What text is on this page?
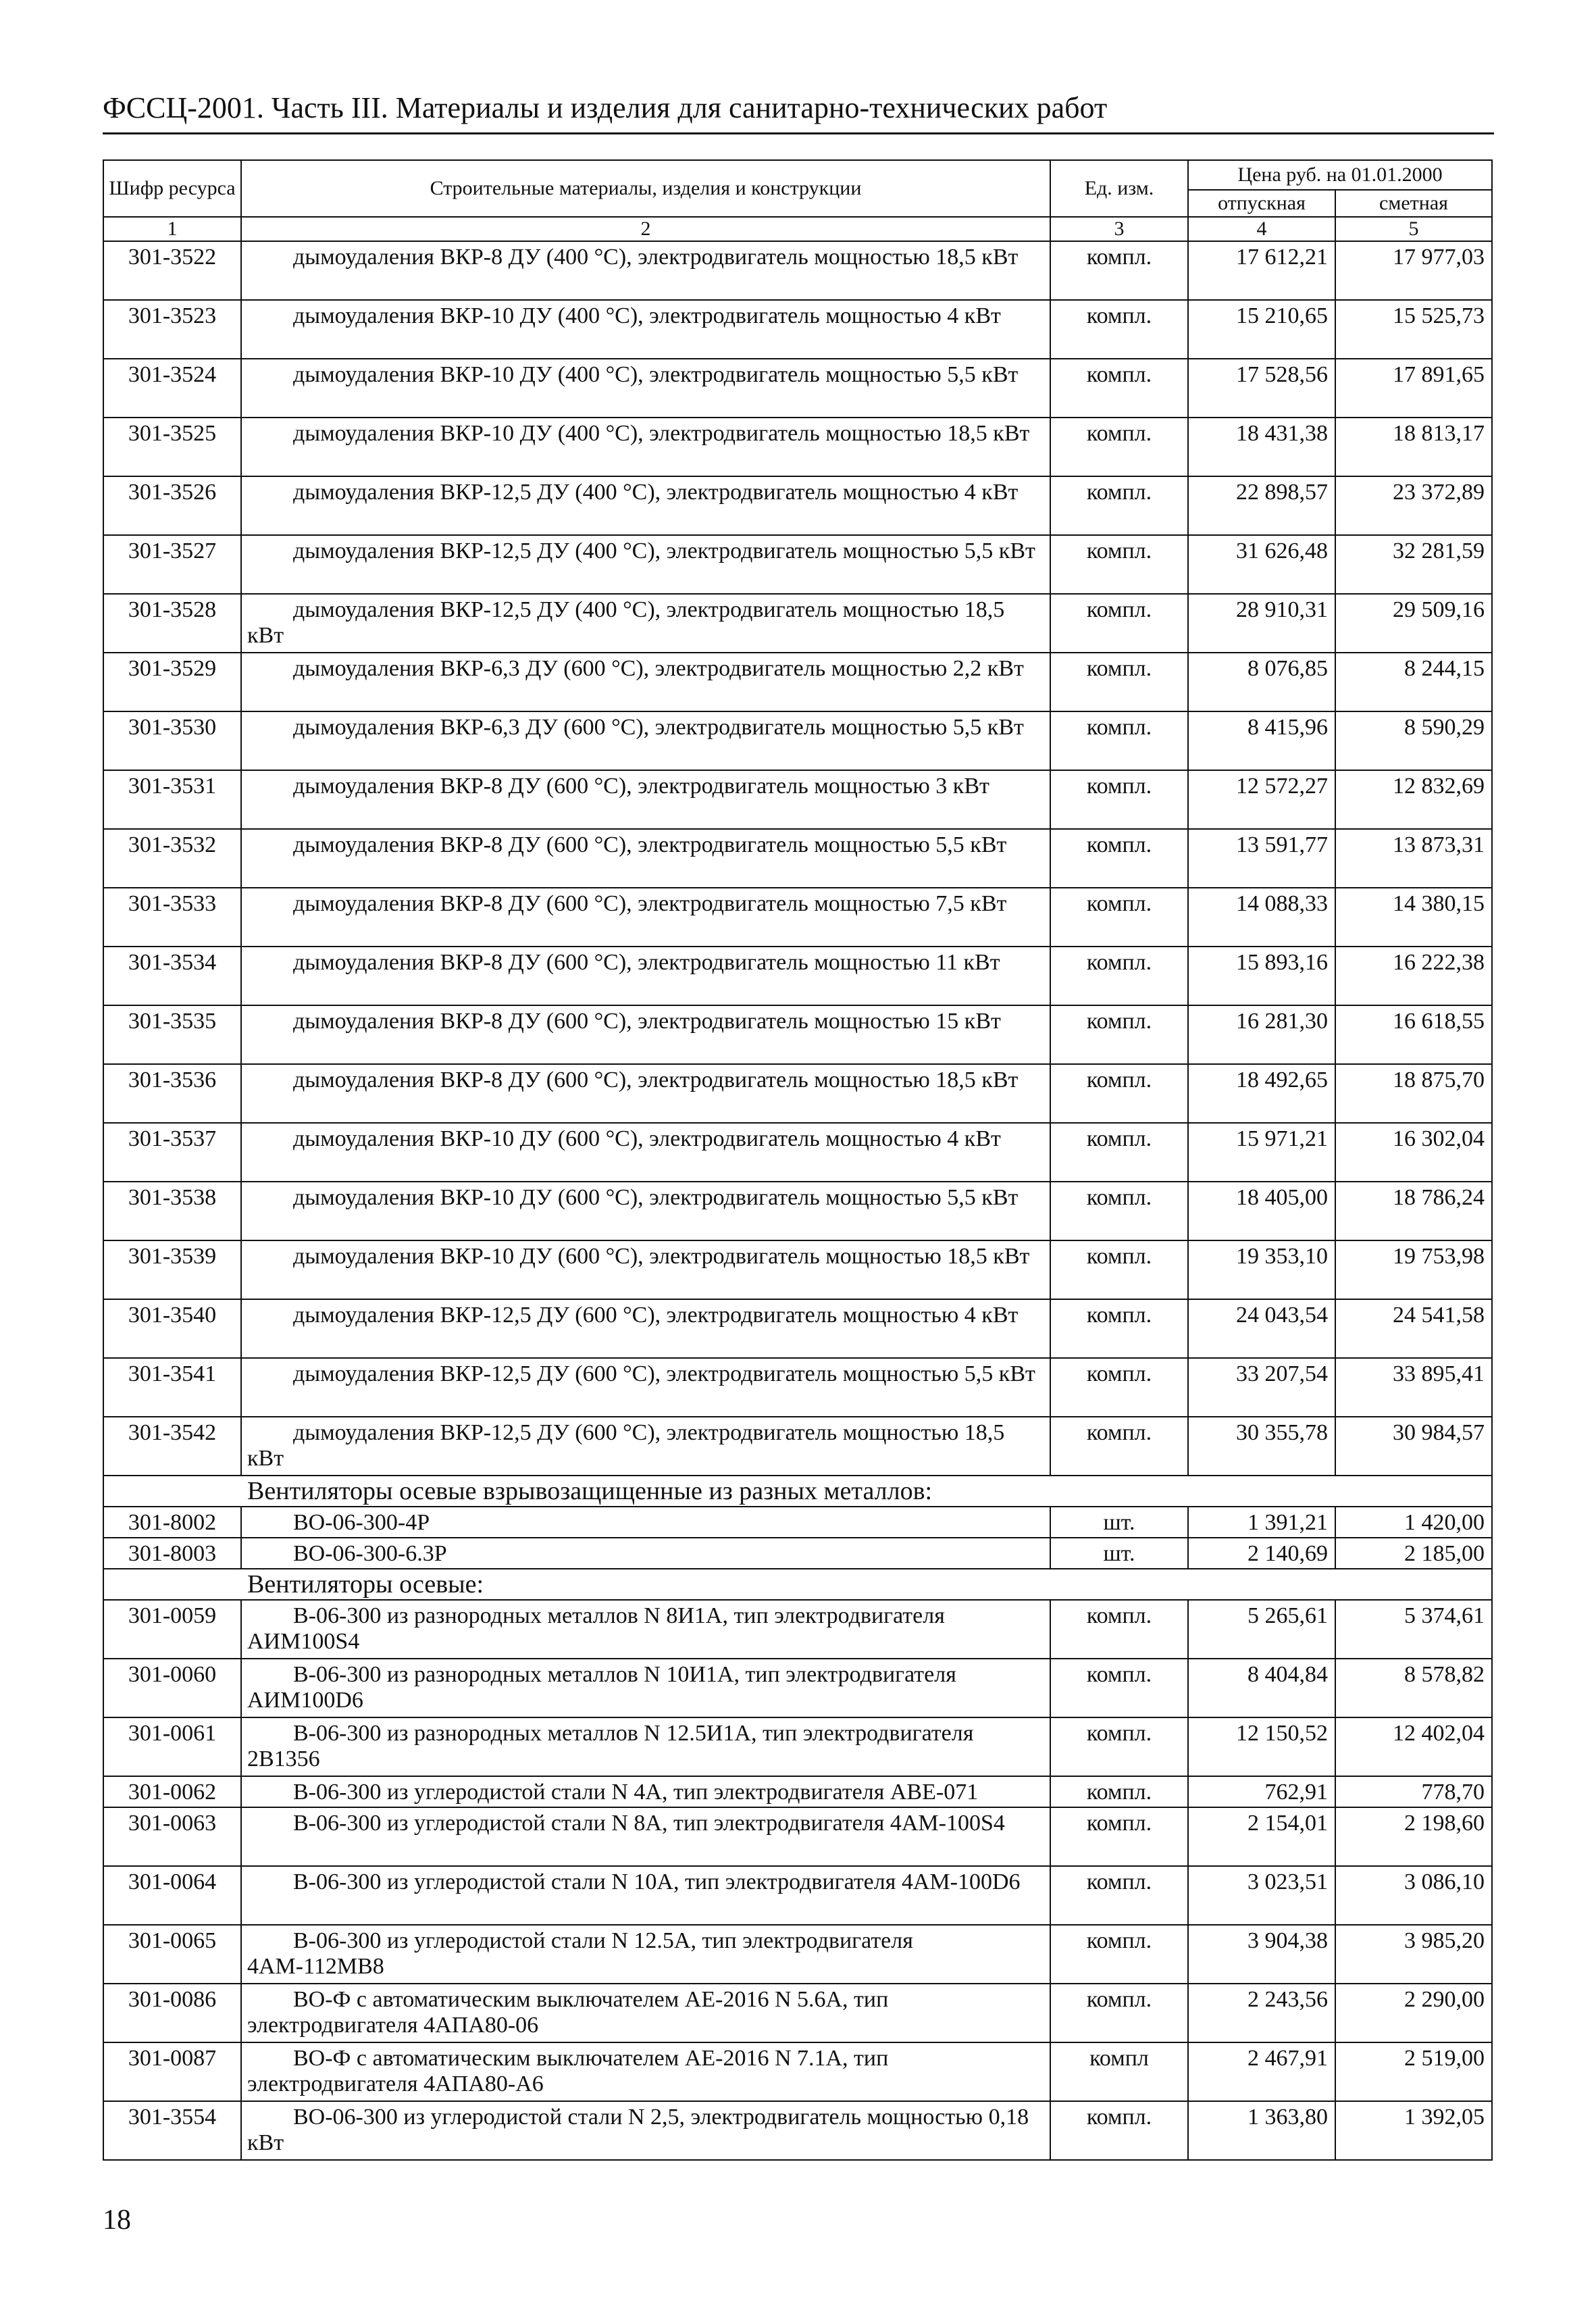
ФССЦ-2001. Часть III. Материалы и изделия для санитарно-технических работ
Шифр ресурса	Строительные материалы, изделия и конструкции	Ед. изм.	Цена руб. на 01.01.2000	
			отпускная	сметная
1	2	3	4	5
301-3522	дымоудаления ВКР-8 ДУ (400 °С), электродвигатель мощностью 18,5 кВт	компл.	17 612,21	17 977,03
301-3523	дымоудаления ВКР-10 ДУ (400 °С), электродвигатель мощностью 4 кВт	компл.	15 210,65	15 525,73
301-3524	дымоудаления ВКР-10 ДУ (400 °С), электродвигатель мощностью 5,5 кВт	компл.	17 528,56	17 891,65
301-3525	дымоудаления ВКР-10 ДУ (400 °С), электродвигатель мощностью 18,5 кВт	компл.	18 431,38	18 813,17
301-3526	дымоудаления ВКР-12,5 ДУ (400 °С), электродвигатель мощностью 4 кВт	компл.	22 898,57	23 372,89
301-3527	дымоудаления ВКР-12,5 ДУ (400 °С), электродвигатель мощностью 5,5 кВт	компл.	31 626,48	32 281,59
301-3528	дымоудаления ВКР-12,5 ДУ (400 °С), электродвигатель мощностью 18,5 кВт	компл.	28 910,31	29 509,16
301-3529	дымоудаления ВКР-6,3 ДУ (600 °С), электродвигатель мощностью 2,2 кВт	компл.	8 076,85	8 244,15
301-3530	дымоудаления ВКР-6,3 ДУ (600 °С), электродвигатель мощностью 5,5 кВт	компл.	8 415,96	8 590,29
301-3531	дымоудаления ВКР-8 ДУ (600 °С), электродвигатель мощностью 3 кВт	компл.	12 572,27	12 832,69
301-3532	дымоудаления ВКР-8 ДУ (600 °С), электродвигатель мощностью 5,5 кВт	компл.	13 591,77	13 873,31
301-3533	дымоудаления ВКР-8 ДУ (600 °С), электродвигатель мощностью 7,5 кВт	компл.	14 088,33	14 380,15
301-3534	дымоудаления ВКР-8 ДУ (600 °С), электродвигатель мощностью 11 кВт	компл.	15 893,16	16 222,38
301-3535	дымоудаления ВКР-8 ДУ (600 °С), электродвигатель мощностью 15 кВт	компл.	16 281,30	16 618,55
301-3536	дымоудаления ВКР-8 ДУ (600 °С), электродвигатель мощностью 18,5 кВт	компл.	18 492,65	18 875,70
301-3537	дымоудаления ВКР-10 ДУ (600 °С), электродвигатель мощностью 4 кВт	компл.	15 971,21	16 302,04
301-3538	дымоудаления ВКР-10 ДУ (600 °С), электродвигатель мощностью 5,5 кВт	компл.	18 405,00	18 786,24
301-3539	дымоудаления ВКР-10 ДУ (600 °С), электродвигатель мощностью 18,5 кВт	компл.	19 353,10	19 753,98
301-3540	дымоудаления ВКР-12,5 ДУ (600 °С), электродвигатель мощностью 4 кВт	компл.	24 043,54	24 541,58
301-3541	дымоудаления ВКР-12,5 ДУ (600 °С), электродвигатель мощностью 5,5 кВт	компл.	33 207,54	33 895,41
301-3542	дымоудаления ВКР-12,5 ДУ (600 °С), электродвигатель мощностью 18,5 кВт	компл.	30 355,78	30 984,57
Вентиляторы осевые взрывозащищенные из разных металлов:				
301-8002	ВО-06-300-4Р	шт.	1 391,21	1 420,00
301-8003	ВО-06-300-6.3Р	шт.	2 140,69	2 185,00
Вентиляторы осевые:				
301-0059	В-06-300 из разнородных металлов N 8И1А, тип электродвигателя АИМ100S4	компл.	5 265,61	5 374,61
301-0060	В-06-300 из разнородных металлов N 10И1А, тип электродвигателя АИМ100D6	компл.	8 404,84	8 578,82
301-0061	В-06-300 из разнородных металлов N 12.5И1А, тип электродвигателя 2В1356	компл.	12 150,52	12 402,04
301-0062	В-06-300 из углеродистой стали N 4А, тип электродвигателя АВЕ-071	компл.	762,91	778,70
301-0063	В-06-300 из углеродистой стали N 8А, тип электродвигателя 4АМ-100S4	компл.	2 154,01	2 198,60
301-0064	В-06-300 из углеродистой стали N 10А, тип электродвигателя 4АМ-100D6	компл.	3 023,51	3 086,10
301-0065	В-06-300 из углеродистой стали N 12.5А, тип электродвигателя 4АМ-112МВ8	компл.	3 904,38	3 985,20
301-0086	ВО-Ф с автоматическим выключателем АЕ-2016 N 5.6А, тип электродвигателя 4АПА80-06	компл.	2 243,56	2 290,00
301-0087	ВО-Ф с автоматическим выключателем АЕ-2016 N 7.1А, тип электродвигателя 4АПА80-А6	компл	2 467,91	2 519,00
301-3554	ВО-06-300 из углеродистой стали N 2,5, электродвигатель мощностью 0,18 кВт	компл.	1 363,80	1 392,05
18
